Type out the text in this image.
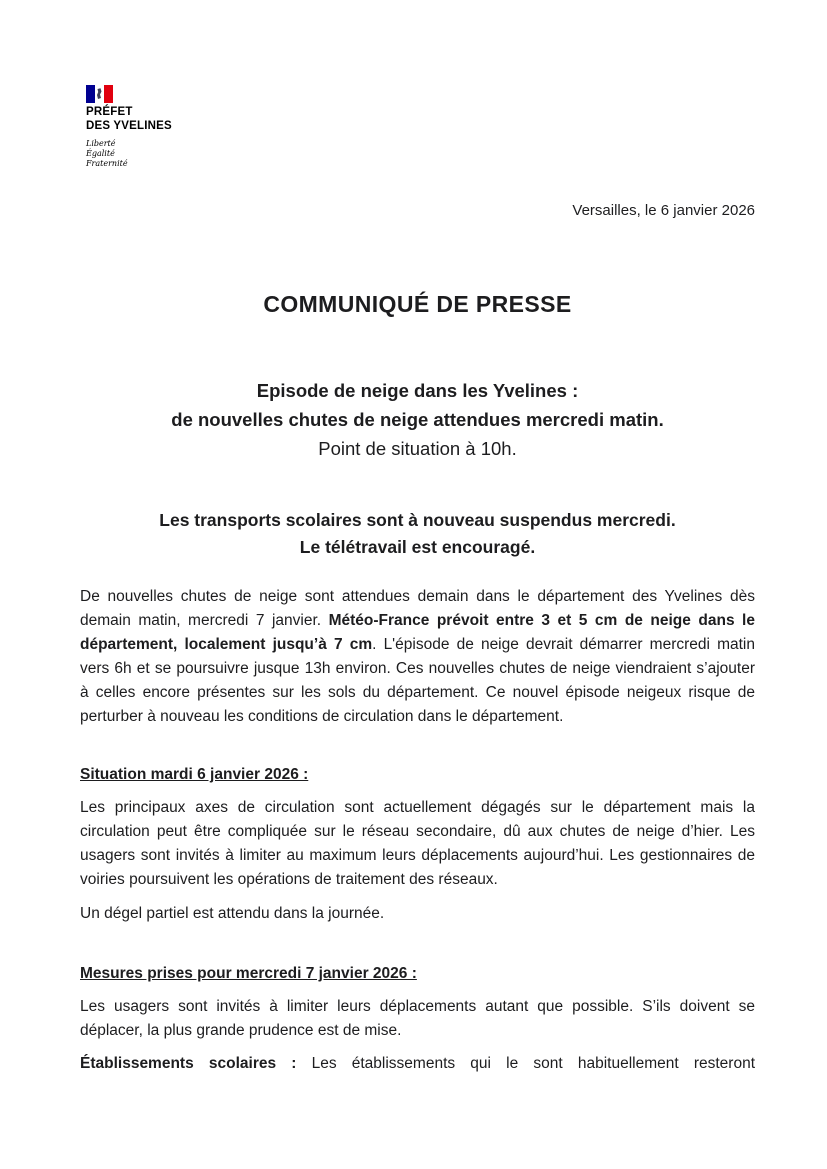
PRÉFET
DES YVELINES
Liberté
Égalité
Fraternité
Versailles, le 6 janvier 2026
COMMUNIQUÉ DE PRESSE
Episode de neige dans les Yvelines :
de nouvelles chutes de neige attendues mercredi matin.
Point de situation à 10h.
Les transports scolaires sont à nouveau suspendus mercredi.
Le télétravail est encouragé.

De nouvelles chutes de neige sont attendues demain dans le département des Yvelines dès demain matin, mercredi 7 janvier. Météo-France prévoit entre 3 et 5 cm de neige dans le département, localement jusqu’à 7 cm. L'épisode de neige devrait démarrer mercredi matin vers 6h et se poursuivre jusque 13h environ. Ces nouvelles chutes de neige viendraient s’ajouter à celles encore présentes sur les sols du département. Ce nouvel épisode neigeux risque de perturber à nouveau les conditions de circulation dans le département.

Situation mardi 6 janvier 2026 :

Les principaux axes de circulation sont actuellement dégagés sur le département mais la circulation peut être compliquée sur le réseau secondaire, dû aux chutes de neige d’hier. Les usagers sont invités à limiter au maximum leurs déplacements aujourd’hui. Les gestionnaires de voiries poursuivent les opérations de traitement des réseaux.

Un dégel partiel est attendu dans la journée.

Mesures prises pour mercredi 7 janvier 2026 :

Les usagers sont invités à limiter leurs déplacements autant que possible. S’ils doivent se déplacer, la plus grande prudence est de mise.

Établissements scolaires : Les établissements qui le sont habituellement resteront
